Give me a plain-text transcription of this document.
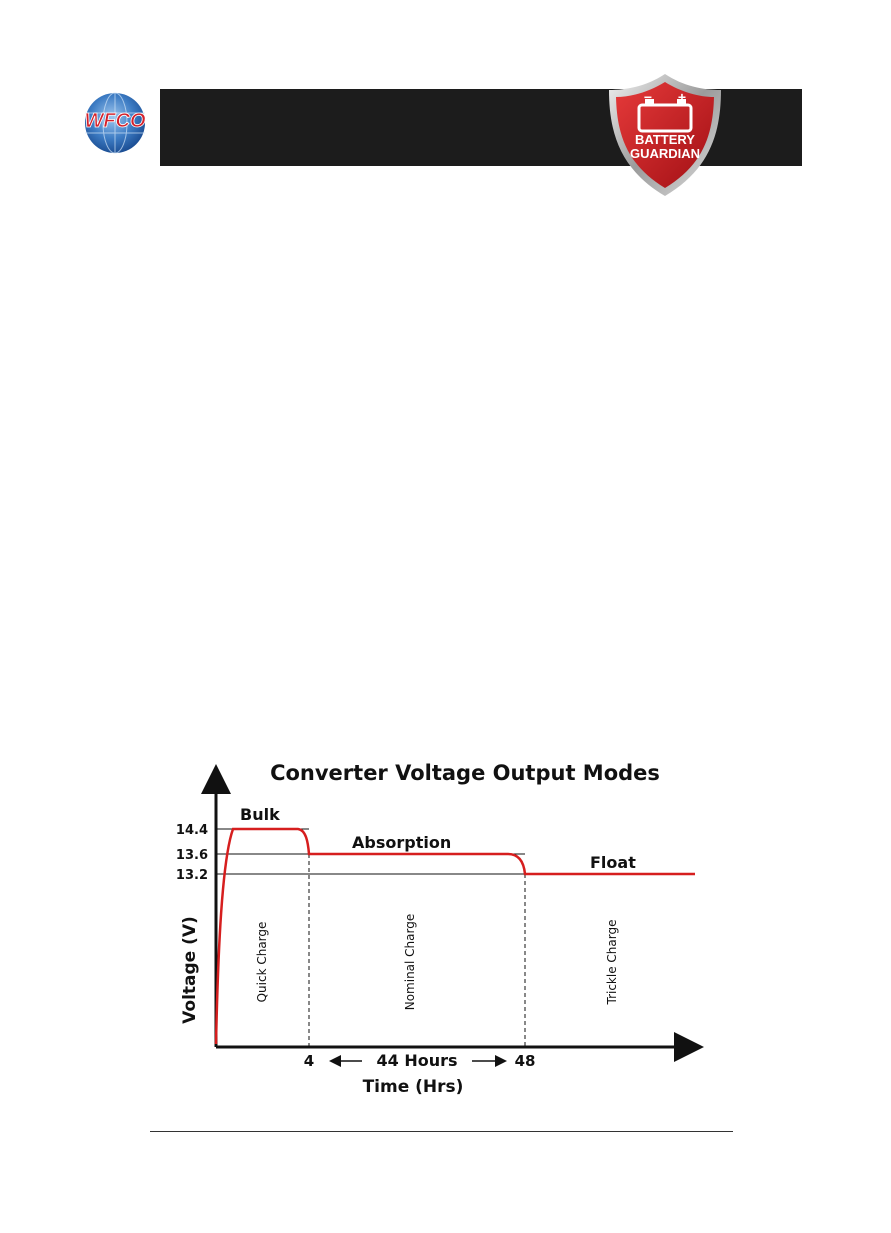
WFCO
− +
BATTERY
GUARDIAN
Converter Voltage Output Modes
14.4
13.6
13.2
Voltage (V)
Bulk
Absorption
Float
Quick Charge	Nominal Charge	Trickle Charge
4	48
44 Hours
Time (Hrs)
